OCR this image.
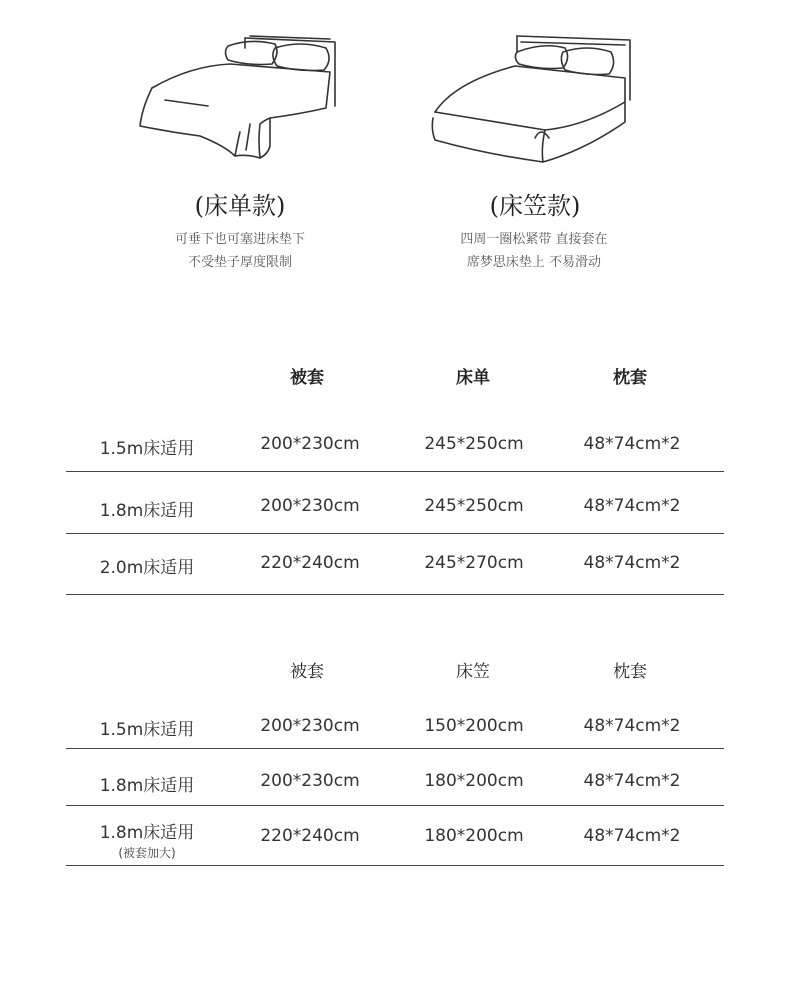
(床单款)
可垂下也可塞进床垫下
不受垫子厚度限制
(床笠款)
四周一圈松紧带 直接套在
席梦思床垫上 不易滑动
被套	床单	枕套
1.5m床适用	200*230cm	245*250cm	48*74cm*2
1.8m床适用	200*230cm	245*250cm	48*74cm*2
2.0m床适用	220*240cm	245*270cm	48*74cm*2
被套	床笠	枕套
1.5m床适用	200*230cm	150*200cm	48*74cm*2
1.8m床适用	200*230cm	180*200cm	48*74cm*2
1.8m床适用
(被套加大)
220*240cm	180*200cm	48*74cm*2
